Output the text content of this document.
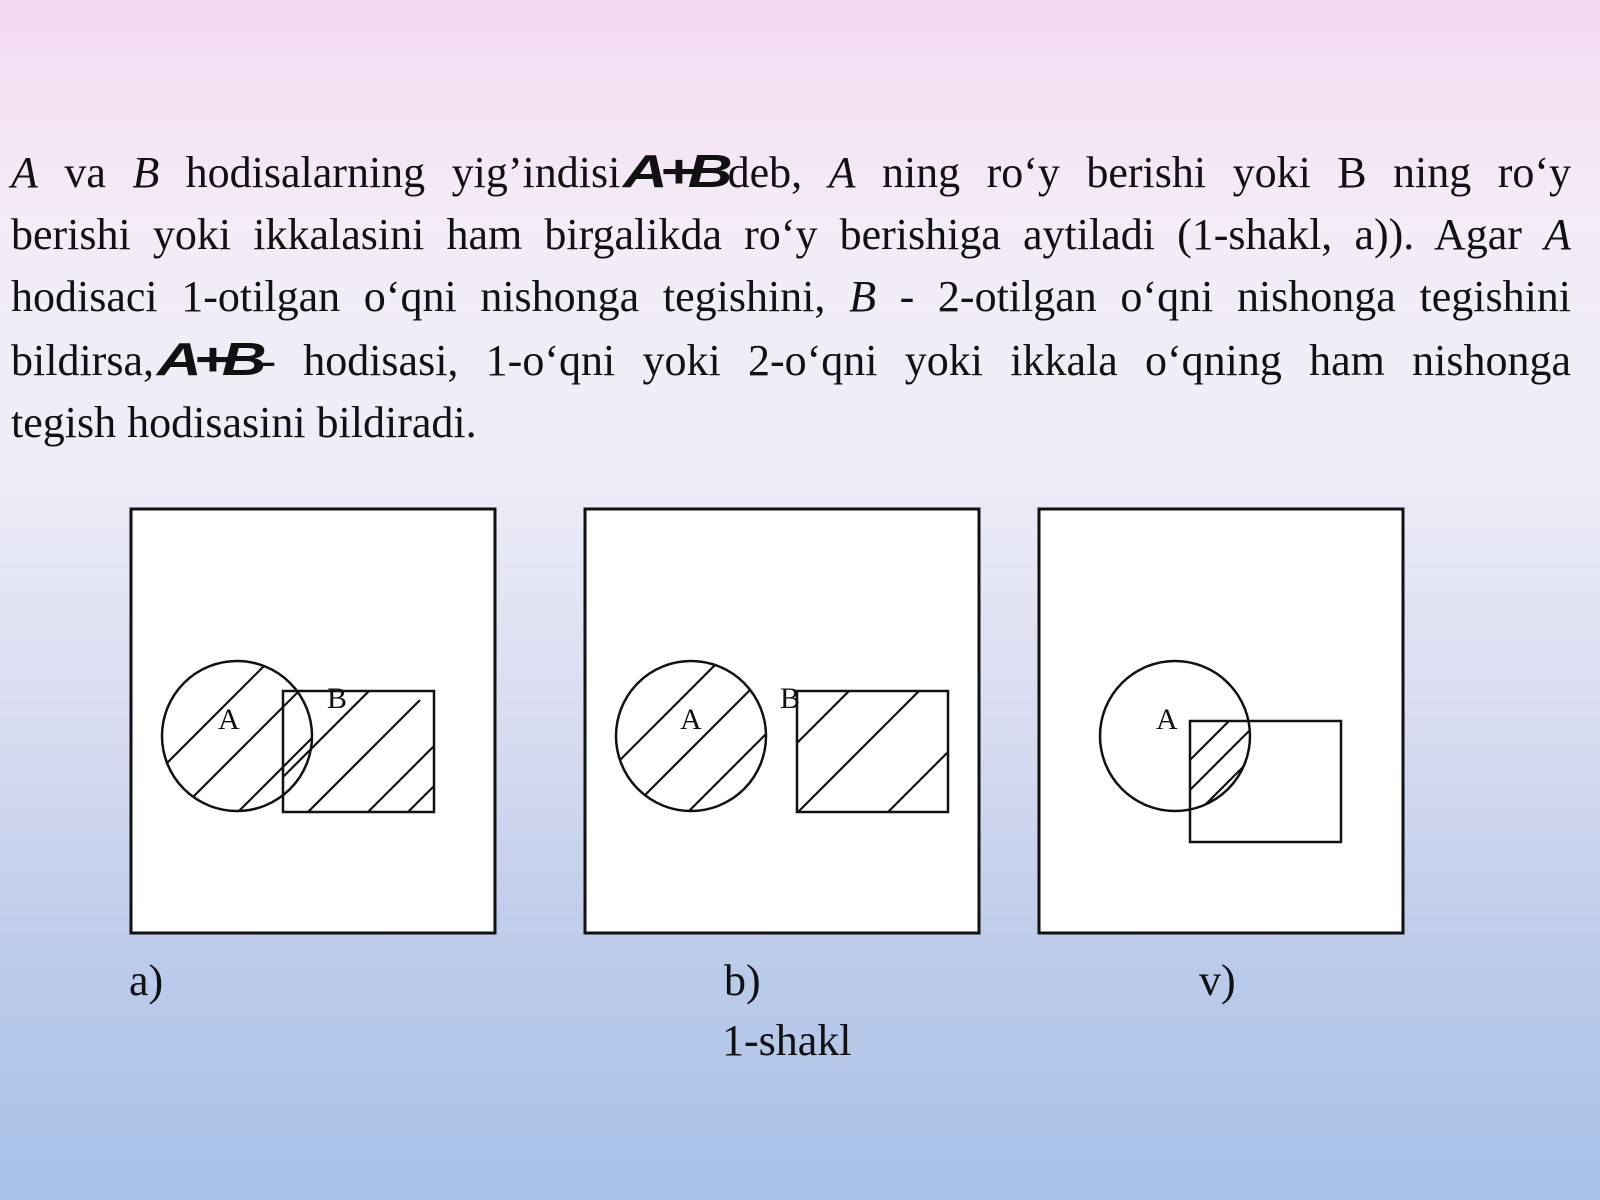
A va B hodisalarning yig’indisiA+Bdeb, A ning ro‘y berishi yoki B ning ro‘y
berishi yoki ikkalasini ham birgalikda ro‘y berishiga aytiladi (1-shakl, a)). Agar A
hodisaci 1-otilgan o‘qni nishonga tegishini, B - 2-otilgan o‘qni nishonga tegishini
bildirsa,A+B- hodisasi, 1-o‘qni yoki 2-o‘qni yoki ikkala o‘qning ham nishonga
tegish hodisasini bildiradi.
A
B
A
B
A
a)	b)	v)
1-shakl
